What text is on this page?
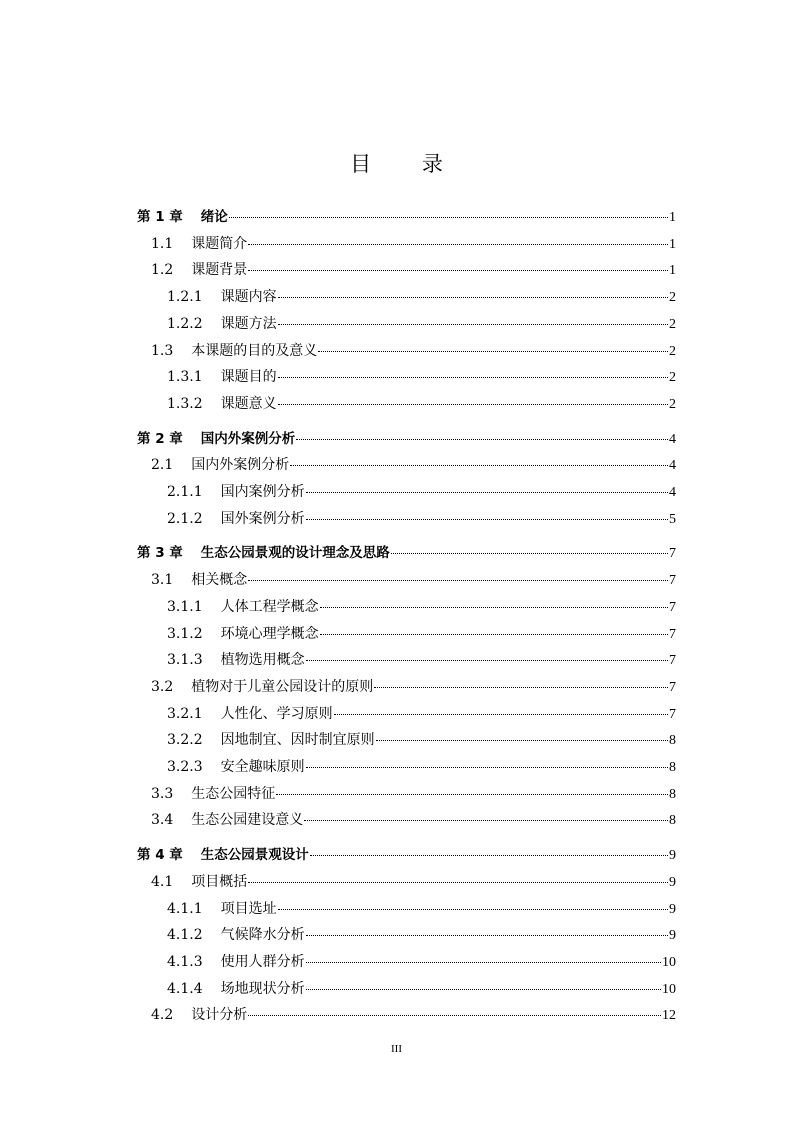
目 录
第 1 章 绪论	1
1.1 课题简介	1
1.2 课题背景	1
1.2.1 课题内容	2
1.2.2 课题方法	2
1.3 本课题的目的及意义	2
1.3.1 课题目的	2
1.3.2 课题意义	2
第 2 章 国内外案例分析	4
2.1 国内外案例分析	4
2.1.1 国内案例分析	4
2.1.2 国外案例分析	5
第 3 章 生态公园景观的设计理念及思路	7
3.1 相关概念	7
3.1.1 人体工程学概念	7
3.1.2 环境心理学概念	7
3.1.3 植物选用概念	7
3.2 植物对于儿童公园设计的原则	7
3.2.1 人性化、学习原则	7
3.2.2 因地制宜、因时制宜原则	8
3.2.3 安全趣味原则	8
3.3 生态公园特征	8
3.4 生态公园建设意义	8
第 4 章 生态公园景观设计	9
4.1 项目概括	9
4.1.1 项目选址	9
4.1.2 气候降水分析	9
4.1.3 使用人群分析	10
4.1.4 场地现状分析	10
4.2 设计分析	12
III
